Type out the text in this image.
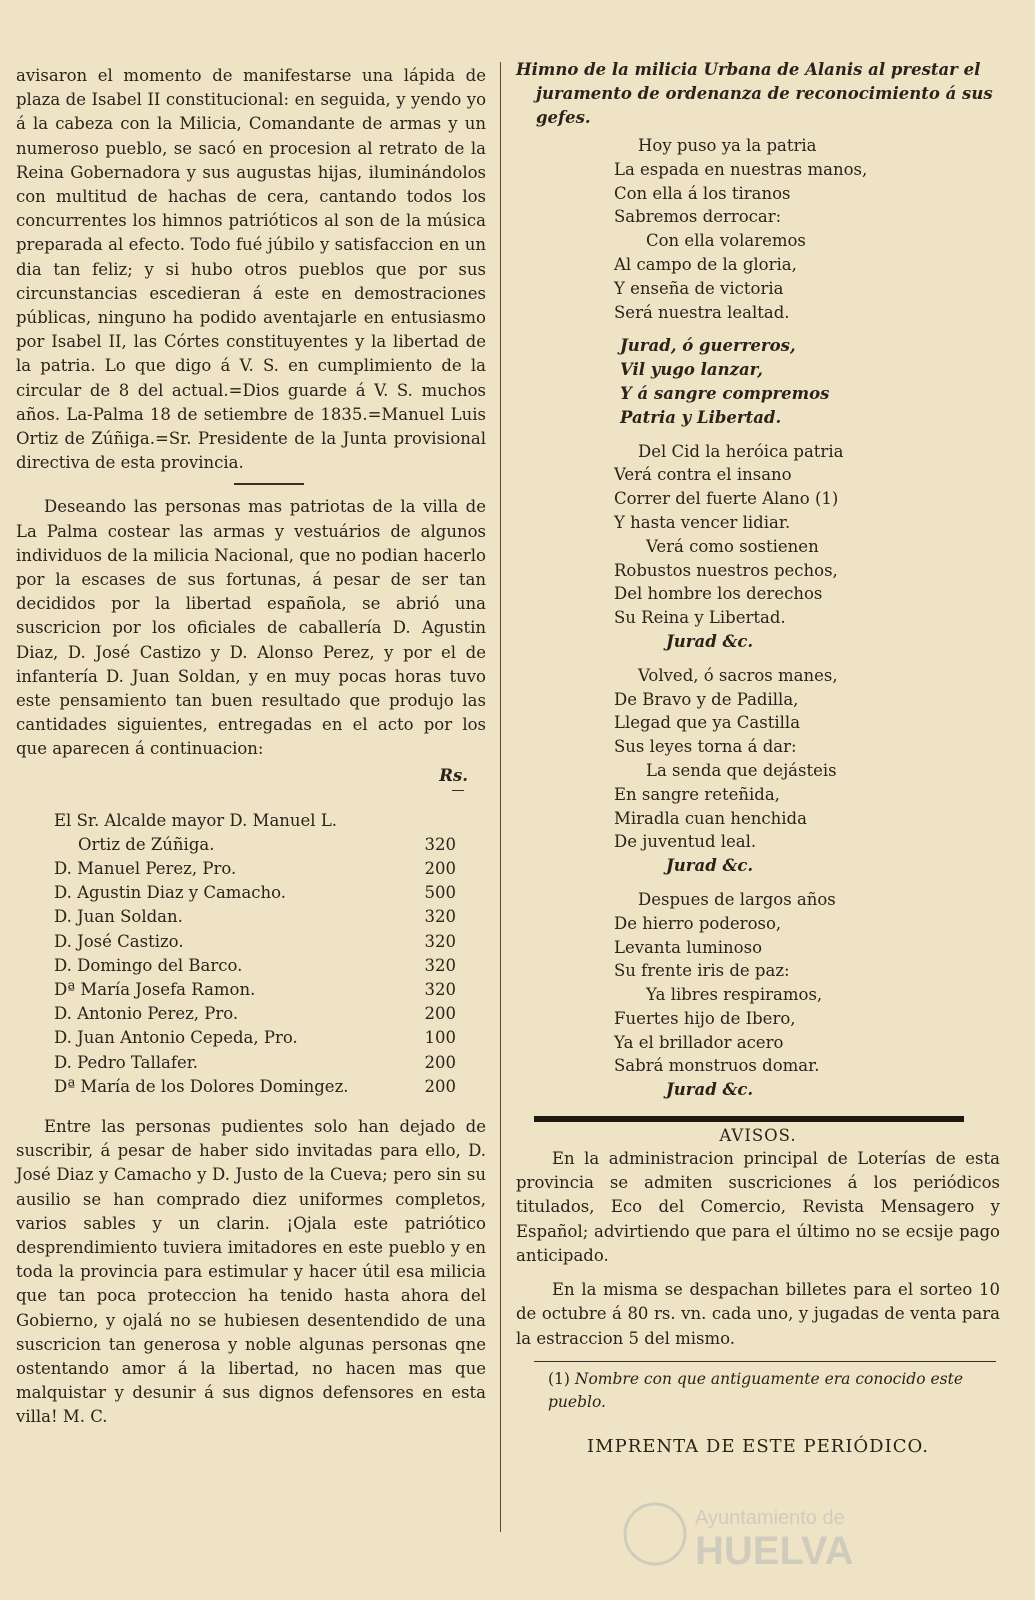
avisaron el momento de manifestarse una lápida de plaza de Isabel II constitucional: en seguida, y yendo yo á la cabeza con la Milicia, Comandante de armas y un numeroso pueblo, se sacó en procesion al retrato de la Reina Gobernadora y sus augustas hijas, iluminándolos con multitud de hachas de cera, cantando todos los concurrentes los himnos patrióticos al son de la música preparada al efecto. Todo fué júbilo y satisfaccion en un dia tan feliz; y si hubo otros pueblos que por sus circunstancias escedieran á este en demostraciones públicas, ninguno ha podido aventajarle en entusiasmo por Isabel II, las Córtes constituyentes y la libertad de la patria. Lo que digo á V. S. en cumplimiento de la circular de 8 del actual.=Dios guarde á V. S. muchos años. La-Palma 18 de setiembre de 1835.=Manuel Luis Ortiz de Zúñiga.=Sr. Presidente de la Junta provisional directiva de esta provincia.

Deseando las personas mas patriotas de la villa de La Palma costear las armas y vestuários de algunos individuos de la milicia Nacional, que no podian hacerlo por la escases de sus fortunas, á pesar de ser tan decididos por la libertad española, se abrió una suscricion por los oficiales de caballería D. Agustin Diaz, D. José Castizo y D. Alonso Perez, y por el de infantería D. Juan Soldan, y en muy pocas horas tuvo este pensamiento tan buen resultado que produjo las cantidades siguientes, entregadas en el acto por los que aparecen á continuacion:

Rs.
El Sr. Alcalde mayor D. Manuel L.	
Ortiz de Zúñiga.	320
D. Manuel Perez, Pro.	200
D. Agustin Diaz y Camacho.	500
D. Juan Soldan.	320
D. José Castizo.	320
D. Domingo del Barco.	320
Dª María Josefa Ramon.	320
D. Antonio Perez, Pro.	200
D. Juan Antonio Cepeda, Pro.	100
D. Pedro Tallafer.	200
Dª María de los Dolores Domingez.	200

Entre las personas pudientes solo han dejado de suscribir, á pesar de haber sido invitadas para ello, D. José Diaz y Camacho y D. Justo de la Cueva; pero sin su ausilio se han comprado diez uniformes completos, varios sables y un clarin. ¡Ojala este patriótico desprendimiento tuviera imitadores en este pueblo y en toda la provincia para estimular y hacer útil esa milicia que tan poca proteccion ha tenido hasta ahora del Gobierno, y ojalá no se hubiesen desentendido de una suscricion tan generosa y noble algunas personas qne ostentando amor á la libertad, no hacen mas que malquistar y desunir á sus dignos defensores en esta villa! M. C.

Himno de la milicia Urbana de Alanis al prestar el
juramento de ordenanza de reconocimiento á sus gefes.
Hoy puso ya la patria
La espada en nuestras manos,
Con ella á los tiranos
Sabremos derrocar:
Con ella volaremos
Al campo de la gloria,
Y enseña de victoria
Será nuestra lealtad.
Jurad, ó guerreros,
Vil yugo lanzar,
Y á sangre compremos
Patria y Libertad.
Del Cid la heróica patria
Verá contra el insano
Correr del fuerte Alano (1)
Y hasta vencer lidiar.
Verá como sostienen
Robustos nuestros pechos,
Del hombre los derechos
Su Reina y Libertad.
Jurad &c.
Volved, ó sacros manes,
De Bravo y de Padilla,
Llegad que ya Castilla
Sus leyes torna á dar:
La senda que dejásteis
En sangre reteñida,
Miradla cuan henchida
De juventud leal.
Jurad &c.
Despues de largos años
De hierro poderoso,
Levanta luminoso
Su frente iris de paz:
Ya libres respiramos,
Fuertes hijo de Ibero,
Ya el brillador acero
Sabrá monstruos domar.
Jurad &c.
AVISOS.

En la administracion principal de Loterías de esta provincia se admiten suscriciones á los periódicos titulados, Eco del Comercio, Revista Mensagero y Español; advirtiendo que para el último no se ecsije pago anticipado.

En la misma se despachan billetes para el sorteo 10 de octubre á 80 rs. vn. cada uno, y jugadas de venta para la estraccion 5 del mismo.

(1) Nombre con que antiguamente era conocido este pueblo.
IMPRENTA DE ESTE PERIÓDICO.
Ayuntamiento de
HUELVA
